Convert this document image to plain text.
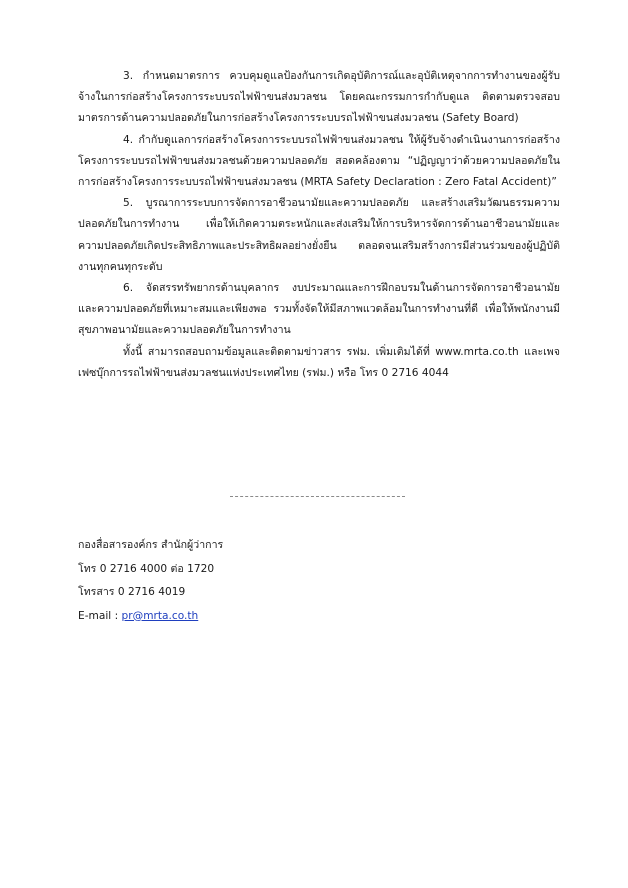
3. กำหนดมาตรการ ควบคุมดูแลป้องกันการเกิดอุบัติการณ์และอุบัติเหตุจากการทำงานของผู้รับจ้างในการก่อสร้างโครงการระบบรถไฟฟ้าขนส่งมวลชน โดยคณะกรรมการกำกับดูแล ติดตามตรวจสอบมาตรการด้านความปลอดภัยในการก่อสร้างโครงการระบบรถไฟฟ้าขนส่งมวลชน (Safety Board)

4. กำกับดูแลการก่อสร้างโครงการระบบรถไฟฟ้าขนส่งมวลชน ให้ผู้รับจ้างดำเนินงานการก่อสร้างโครงการระบบรถไฟฟ้าขนส่งมวลชนด้วยความปลอดภัย สอดคล้องตาม “ปฏิญญาว่าด้วยความปลอดภัยในการก่อสร้างโครงการระบบรถไฟฟ้าขนส่งมวลชน (MRTA Safety Declaration : Zero Fatal Accident)”

5. บูรณาการระบบการจัดการอาชีวอนามัยและความปลอดภัย และสร้างเสริมวัฒนธรรมความปลอดภัยในการทำงาน เพื่อให้เกิดความตระหนักและส่งเสริมให้การบริหารจัดการด้านอาชีวอนามัยและความปลอดภัยเกิดประสิทธิภาพและประสิทธิผลอย่างยั่งยืน ตลอดจนเสริมสร้างการมีส่วนร่วมของผู้ปฏิบัติงานทุกคนทุกระดับ

6. จัดสรรทรัพยากรด้านบุคลากร งบประมาณและการฝึกอบรมในด้านการจัดการอาชีวอนามัยและความปลอดภัยที่เหมาะสมและเพียงพอ รวมทั้งจัดให้มีสภาพแวดล้อมในการทำงานที่ดี เพื่อให้พนักงานมีสุขภาพอนามัยและความปลอดภัยในการทำงาน

ทั้งนี้ สามารถสอบถามข้อมูลและติดตามข่าวสาร รฟม. เพิ่มเติมได้ที่ www.mrta.co.th และเพจเฟซบุ๊กการรถไฟฟ้าขนส่งมวลชนแห่งประเทศไทย (รฟม.) หรือ โทร 0 2716 4044

กองสื่อสารองค์กร สำนักผู้ว่าการ
โทร 0 2716 4000 ต่อ 1720
โทรสาร 0 2716 4019
E-mail : pr@mrta.co.th
